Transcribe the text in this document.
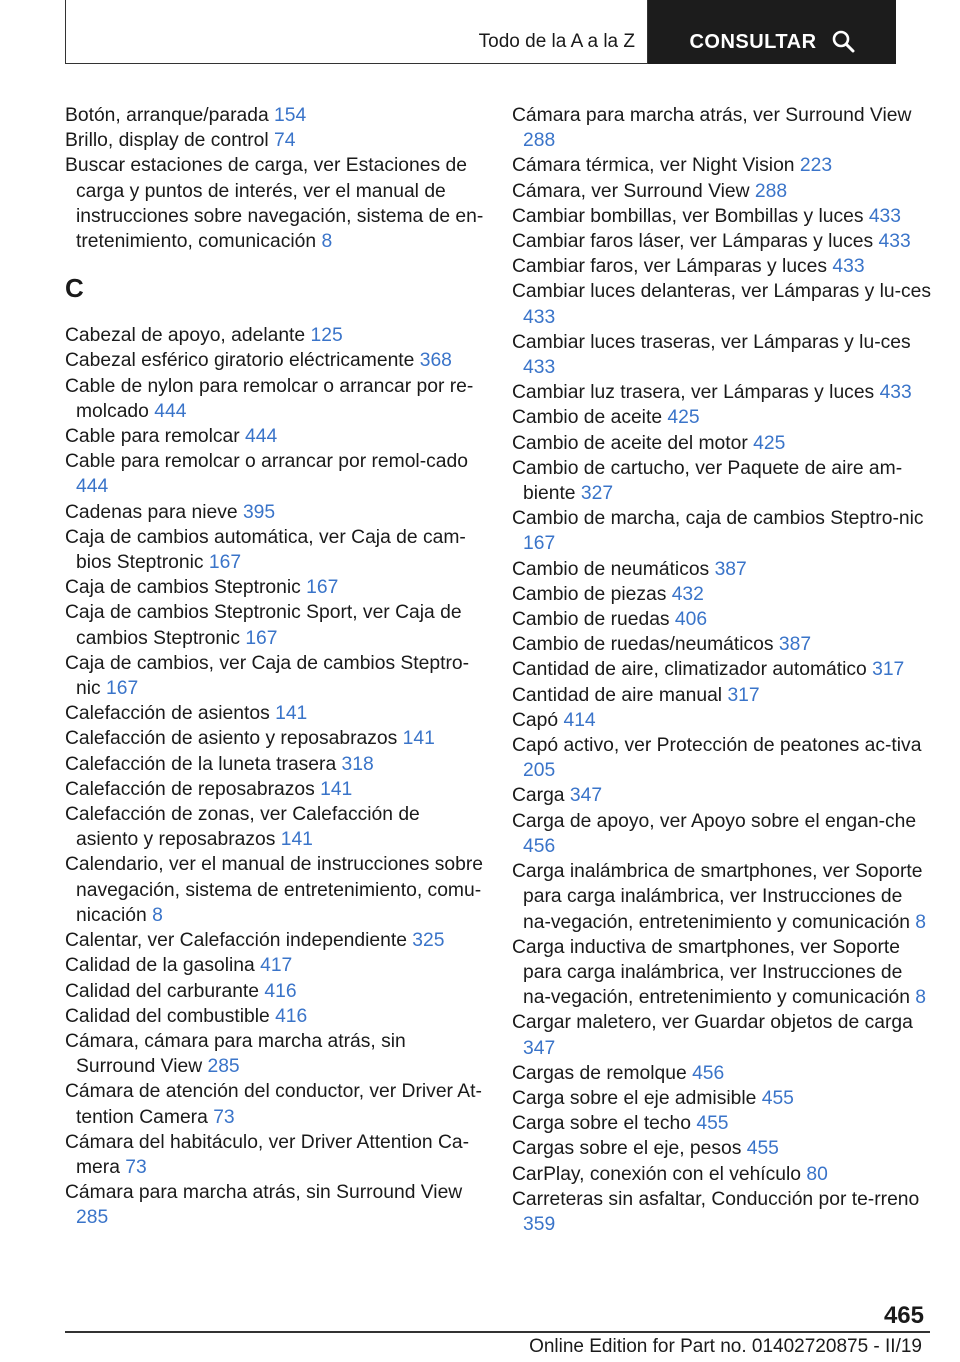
Todo de la A a la Z	CONSULTAR
Botón, arranque/parada 154
Brillo, display de control 74
Buscar estaciones de carga, ver Estaciones de carga y puntos de interés, ver el manual de instrucciones sobre navegación, sistema de en-tretenimiento, comunicación 8
C
Cabezal de apoyo, adelante 125
Cabezal esférico giratorio eléctricamente 368
Cable de nylon para remolcar o arrancar por re-molcado 444
Cable para remolcar 444
Cable para remolcar o arrancar por remol-cado 444
Cadenas para nieve 395
Caja de cambios automática, ver Caja de cam-bios Steptronic 167
Caja de cambios Steptronic 167
Caja de cambios Steptronic Sport, ver Caja de cambios Steptronic 167
Caja de cambios, ver Caja de cambios Steptro-nic 167
Calefacción de asientos 141
Calefacción de asiento y reposabrazos 141
Calefacción de la luneta trasera 318
Calefacción de reposabrazos 141
Calefacción de zonas, ver Calefacción de asiento y reposabrazos 141
Calendario, ver el manual de instrucciones sobre navegación, sistema de entretenimiento, comu-nicación 8
Calentar, ver Calefacción independiente 325
Calidad de la gasolina 417
Calidad del carburante 416
Calidad del combustible 416
Cámara, cámara para marcha atrás, sin Surround View 285
Cámara de atención del conductor, ver Driver At-tention Camera 73
Cámara del habitáculo, ver Driver Attention Ca-mera 73
Cámara para marcha atrás, sin Surround View 285
Cámara para marcha atrás, ver Surround View 288
Cámara térmica, ver Night Vision 223
Cámara, ver Surround View 288
Cambiar bombillas, ver Bombillas y luces 433
Cambiar faros láser, ver Lámparas y luces 433
Cambiar faros, ver Lámparas y luces 433
Cambiar luces delanteras, ver Lámparas y lu-ces 433
Cambiar luces traseras, ver Lámparas y lu-ces 433
Cambiar luz trasera, ver Lámparas y luces 433
Cambio de aceite 425
Cambio de aceite del motor 425
Cambio de cartucho, ver Paquete de aire am-biente 327
Cambio de marcha, caja de cambios Steptro-nic 167
Cambio de neumáticos 387
Cambio de piezas 432
Cambio de ruedas 406
Cambio de ruedas/neumáticos 387
Cantidad de aire, climatizador automático 317
Cantidad de aire manual 317
Capó 414
Capó activo, ver Protección de peatones ac-tiva 205
Carga 347
Carga de apoyo, ver Apoyo sobre el engan-che 456
Carga inalámbrica de smartphones, ver Soporte para carga inalámbrica, ver Instrucciones de na-vegación, entretenimiento y comunicación 8
Carga inductiva de smartphones, ver Soporte para carga inalámbrica, ver Instrucciones de na-vegación, entretenimiento y comunicación 8
Cargar maletero, ver Guardar objetos de carga 347
Cargas de remolque 456
Carga sobre el eje admisible 455
Carga sobre el techo 455
Cargas sobre el eje, pesos 455
CarPlay, conexión con el vehículo 80
Carreteras sin asfaltar, Conducción por te-rreno 359
465
Online Edition for Part no. 01402720875 - II/19
